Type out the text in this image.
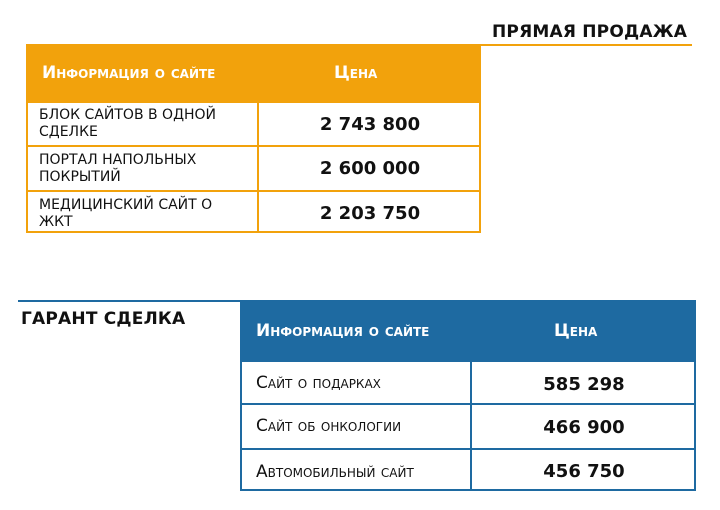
ПРЯМАЯ ПРОДАЖА
Информация о сайте	Цена
БЛОК САЙТОВ В ОДНОЙ СДЕЛКЕ	2 743 800
ПОРТАЛ НАПОЛЬНЫХ ПОКРЫТИЙ	2 600 000
МЕДИЦИНСКИЙ САЙТ О ЖКТ	2 203 750
ГАРАНТ СДЕЛКА
Информация о сайте	Цена
Сайт о подарках	585 298
Сайт об онкологии	466 900
Автомобильный сайт	456 750
